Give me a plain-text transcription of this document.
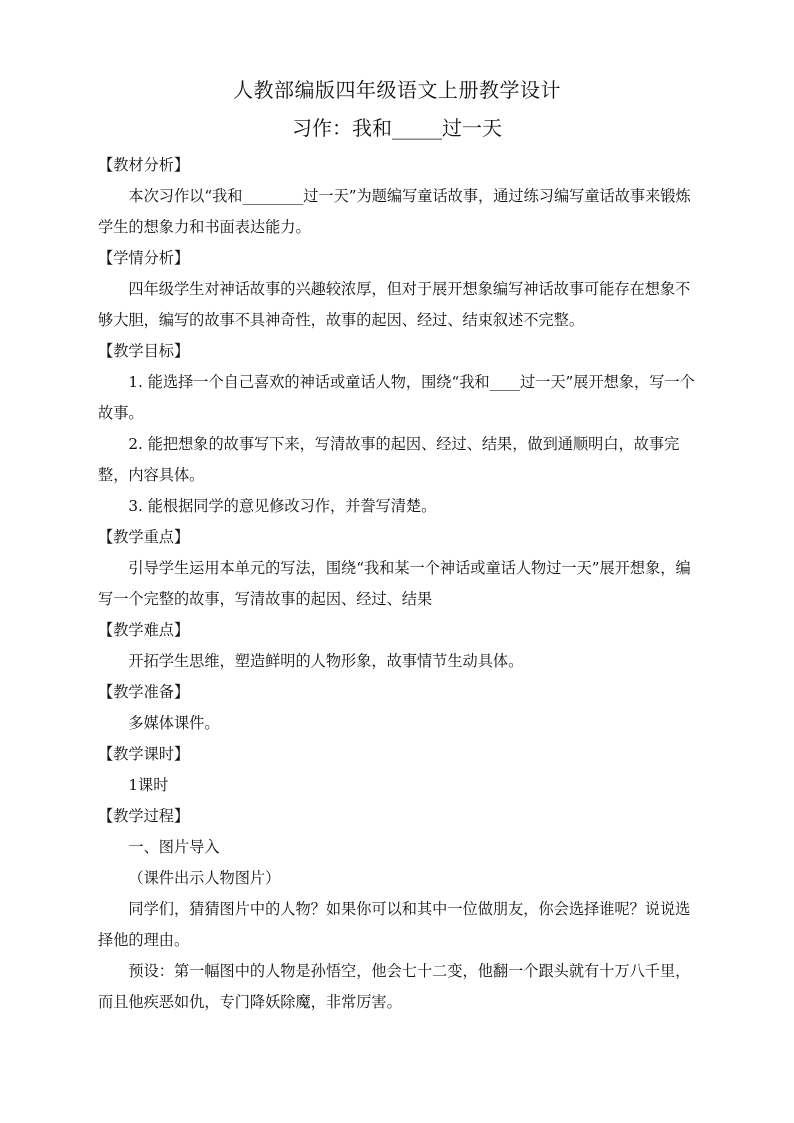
人教部编版四年级语文上册教学设计
习作：我和_____过一天

【教材分析】

本次习作以“我和________过一天”为题编写童话故事，通过练习编写童话故事来锻炼学生的想象力和书面表达能力。

【学情分析】

四年级学生对神话故事的兴趣较浓厚，但对于展开想象编写神话故事可能存在想象不够大胆，编写的故事不具神奇性，故事的起因、经过、结束叙述不完整。

【教学目标】

1. 能选择一个自己喜欢的神话或童话人物，围绕“我和____过一天”展开想象，写一个故事。

2. 能把想象的故事写下来，写清故事的起因、经过、结果，做到通顺明白，故事完整，内容具体。

3. 能根据同学的意见修改习作，并誊写清楚。

【教学重点】

引导学生运用本单元的写法，围绕“我和某一个神话或童话人物过一天”展开想象，编写一个完整的故事，写清故事的起因、经过、结果

【教学难点】

开拓学生思维，塑造鲜明的人物形象，故事情节生动具体。

【教学准备】

多媒体课件。

【教学课时】

1课时

【教学过程】

一、图片导入

（课件出示人物图片）

同学们，猜猜图片中的人物？如果你可以和其中一位做朋友，你会选择谁呢？说说选择他的理由。

预设：第一幅图中的人物是孙悟空，他会七十二变，他翻一个跟头就有十万八千里，而且他疾恶如仇，专门降妖除魔，非常厉害。
